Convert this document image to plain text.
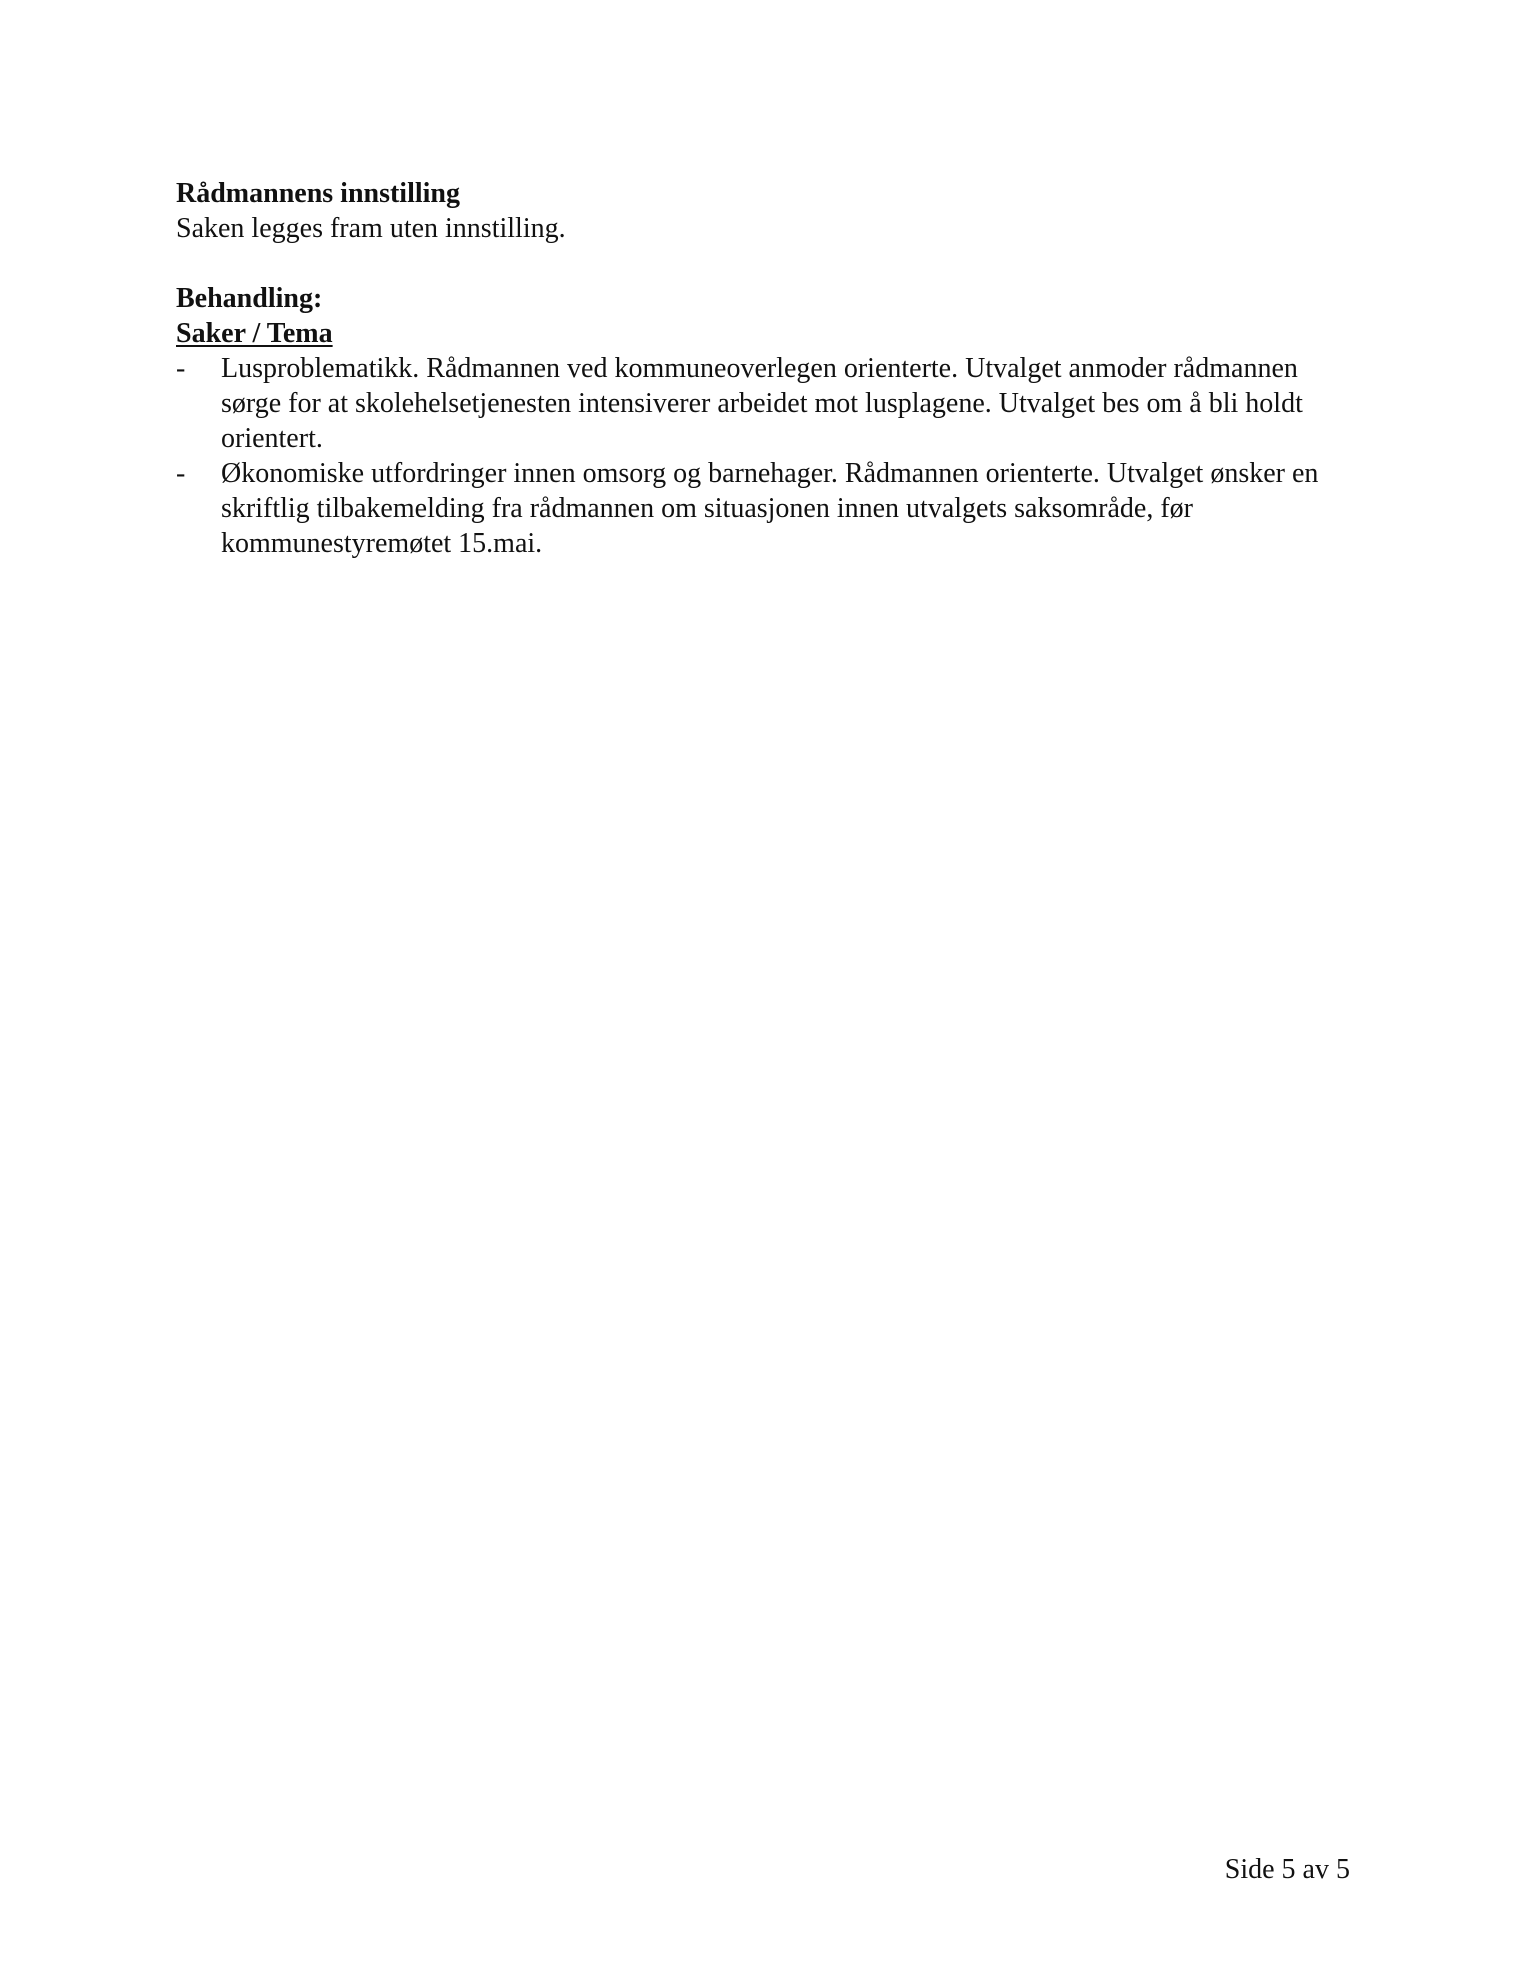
Rådmannens innstilling
Saken legges fram uten innstilling.
Behandling:
Saker / Tema
- Lusproblematikk. Rådmannen ved kommuneoverlegen orienterte. Utvalget anmoder rådmannen sørge for at skolehelsetjenesten intensiverer arbeidet mot lusplagene. Utvalget bes om å bli holdt orientert.
- Økonomiske utfordringer innen omsorg og barnehager. Rådmannen orienterte. Utvalget ønsker en skriftlig tilbakemelding fra rådmannen om situasjonen innen utvalgets saksområde, før kommunestyremøtet 15.mai.
Side 5 av 5
